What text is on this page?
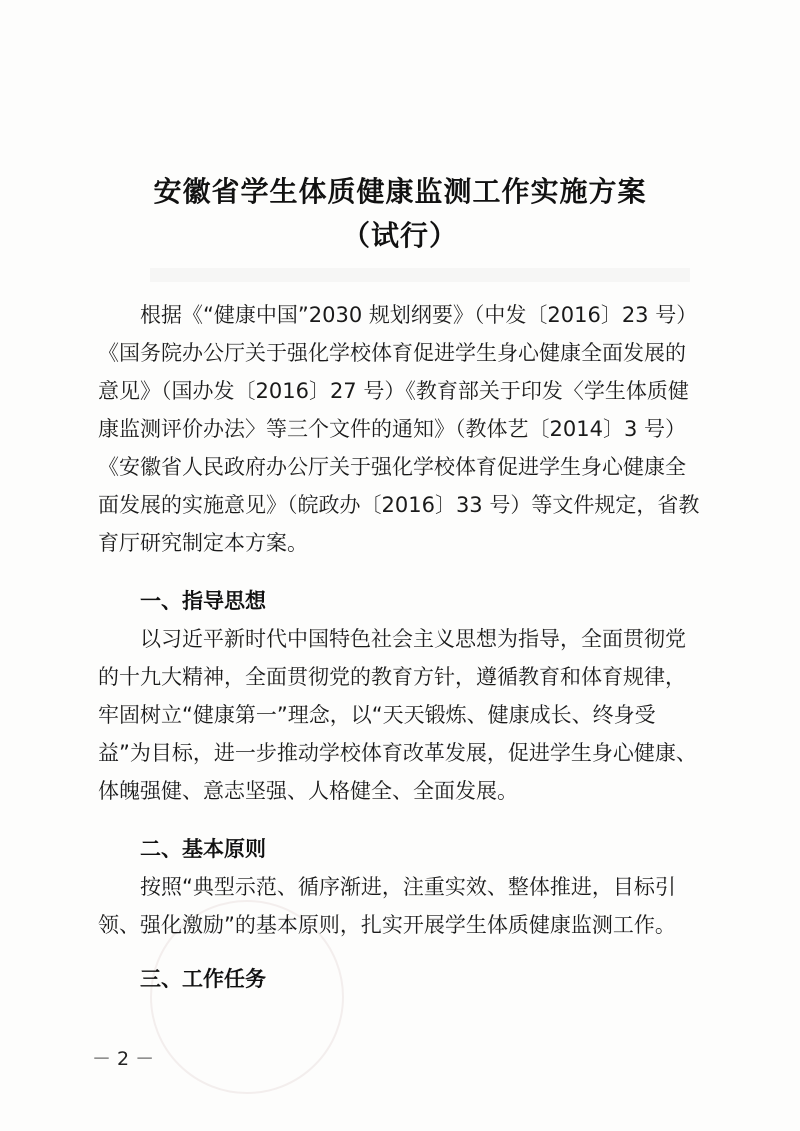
安徽省学生体质健康监测工作实施方案
（试行）
根据《“健康中国”2030 规划纲要》（中发〔2016〕23 号）
《国务院办公厅关于强化学校体育促进学生身心健康全面发展的
意见》（国办发〔2016〕27 号）《教育部关于印发〈学生体质健
康监测评价办法〉等三个文件的通知》（教体艺〔2014〕3 号）
《安徽省人民政府办公厅关于强化学校体育促进学生身心健康全
面发展的实施意见》（皖政办〔2016〕33 号）等文件规定，省教
育厅研究制定本方案。
一、指导思想
以习近平新时代中国特色社会主义思想为指导，全面贯彻党
的十九大精神，全面贯彻党的教育方针，遵循教育和体育规律，
牢固树立“健康第一”理念，以“天天锻炼、健康成长、终身受
益”为目标，进一步推动学校体育改革发展，促进学生身心健康、
体魄强健、意志坚强、人格健全、全面发展。
二、基本原则
按照“典型示范、循序渐进，注重实效、整体推进，目标引
领、强化激励”的基本原则，扎实开展学生体质健康监测工作。
三、工作任务
－ 2 －
